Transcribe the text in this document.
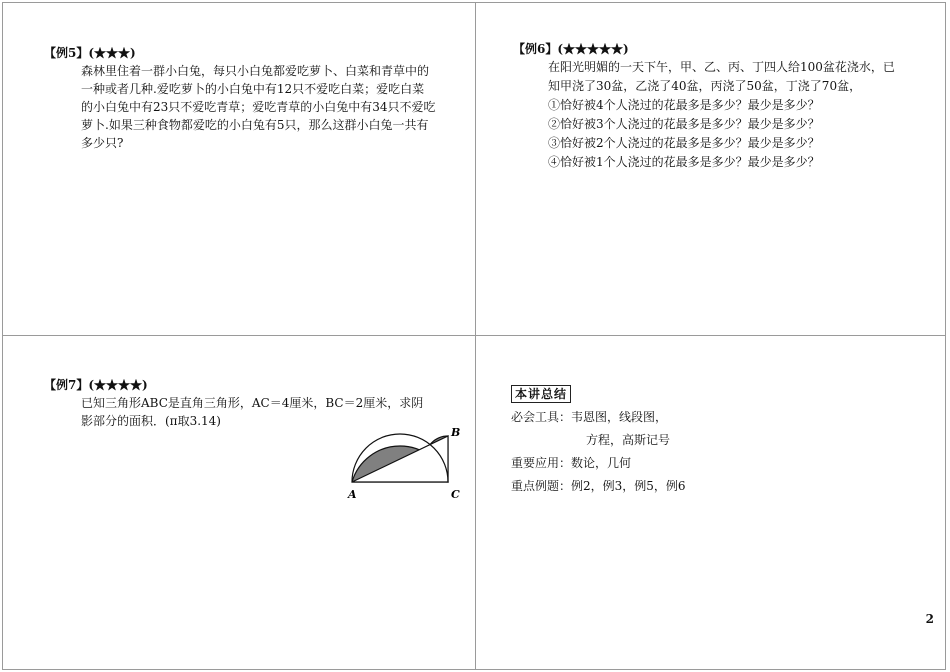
【例5】(★★★)

森林里住着一群小白兔，每只小白兔都爱吃萝卜、白菜和青草中的

一种或者几种.爱吃萝卜的小白兔中有12只不爱吃白菜；爱吃白菜

的小白兔中有23只不爱吃青草；爱吃青草的小白兔中有34只不爱吃

萝卜.如果三种食物都爱吃的小白兔有5只，那么这群小白兔一共有

多少只?

【例6】(★★★★★)

在阳光明媚的一天下午，甲、乙、丙、丁四人给100盆花浇水，已

知甲浇了30盆，乙浇了40盆，丙浇了50盆，丁浇了70盆，

①恰好被4个人浇过的花最多是多少？最少是多少？

②恰好被3个人浇过的花最多是多少？最少是多少？

③恰好被2个人浇过的花最多是多少？最少是多少？

④恰好被1个人浇过的花最多是多少？最少是多少？

【例7】(★★★★)

已知三角形ABC是直角三角形，AC＝4厘米，BC＝2厘米，求阴

影部分的面积．(π取3.14)

A
B
C
本讲总结
必会工具：韦恩图，线段图，
方程，高斯记号
重要应用：数论，几何
重点例题：例2，例3，例5，例6
2
